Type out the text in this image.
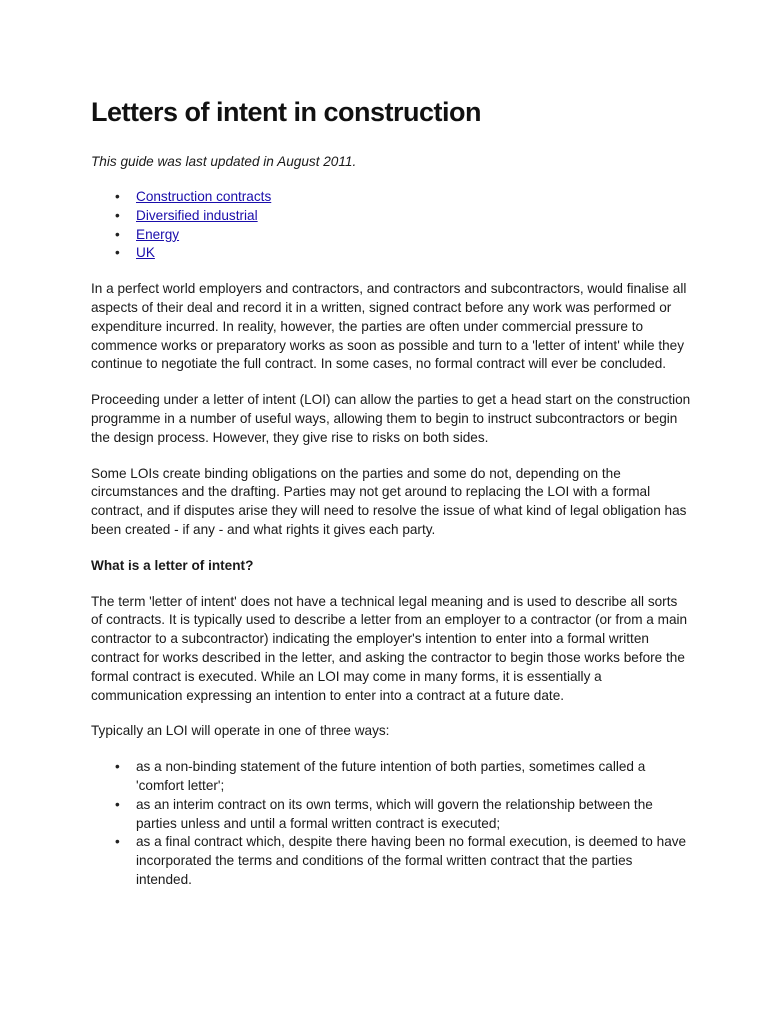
Letters of intent in construction

This guide was last updated in August 2011.

• Construction contracts
• Diversified industrial
• Energy
• UK

In a perfect world employers and contractors, and contractors and subcontractors, would finalise all aspects of their deal and record it in a written, signed contract before any work was performed or expenditure incurred. In reality, however, the parties are often under commercial pressure to commence works or preparatory works as soon as possible and turn to a 'letter of intent' while they continue to negotiate the full contract. In some cases, no formal contract will ever be concluded.

Proceeding under a letter of intent (LOI) can allow the parties to get a head start on the construction programme in a number of useful ways, allowing them to begin to instruct subcontractors or begin the design process. However, they give rise to risks on both sides.

Some LOIs create binding obligations on the parties and some do not, depending on the circumstances and the drafting. Parties may not get around to replacing the LOI with a formal contract, and if disputes arise they will need to resolve the issue of what kind of legal obligation has been created - if any - and what rights it gives each party.

What is a letter of intent?

The term 'letter of intent' does not have a technical legal meaning and is used to describe all sorts of contracts. It is typically used to describe a letter from an employer to a contractor (or from a main contractor to a subcontractor) indicating the employer's intention to enter into a formal written contract for works described in the letter, and asking the contractor to begin those works before the formal contract is executed. While an LOI may come in many forms, it is essentially a communication expressing an intention to enter into a contract at a future date.

Typically an LOI will operate in one of three ways:

• as a non-binding statement of the future intention of both parties, sometimes called a 'comfort letter';
• as an interim contract on its own terms, which will govern the relationship between the parties unless and until a formal written contract is executed;
• as a final contract which, despite there having been no formal execution, is deemed to have incorporated the terms and conditions of the formal written contract that the parties intended.
